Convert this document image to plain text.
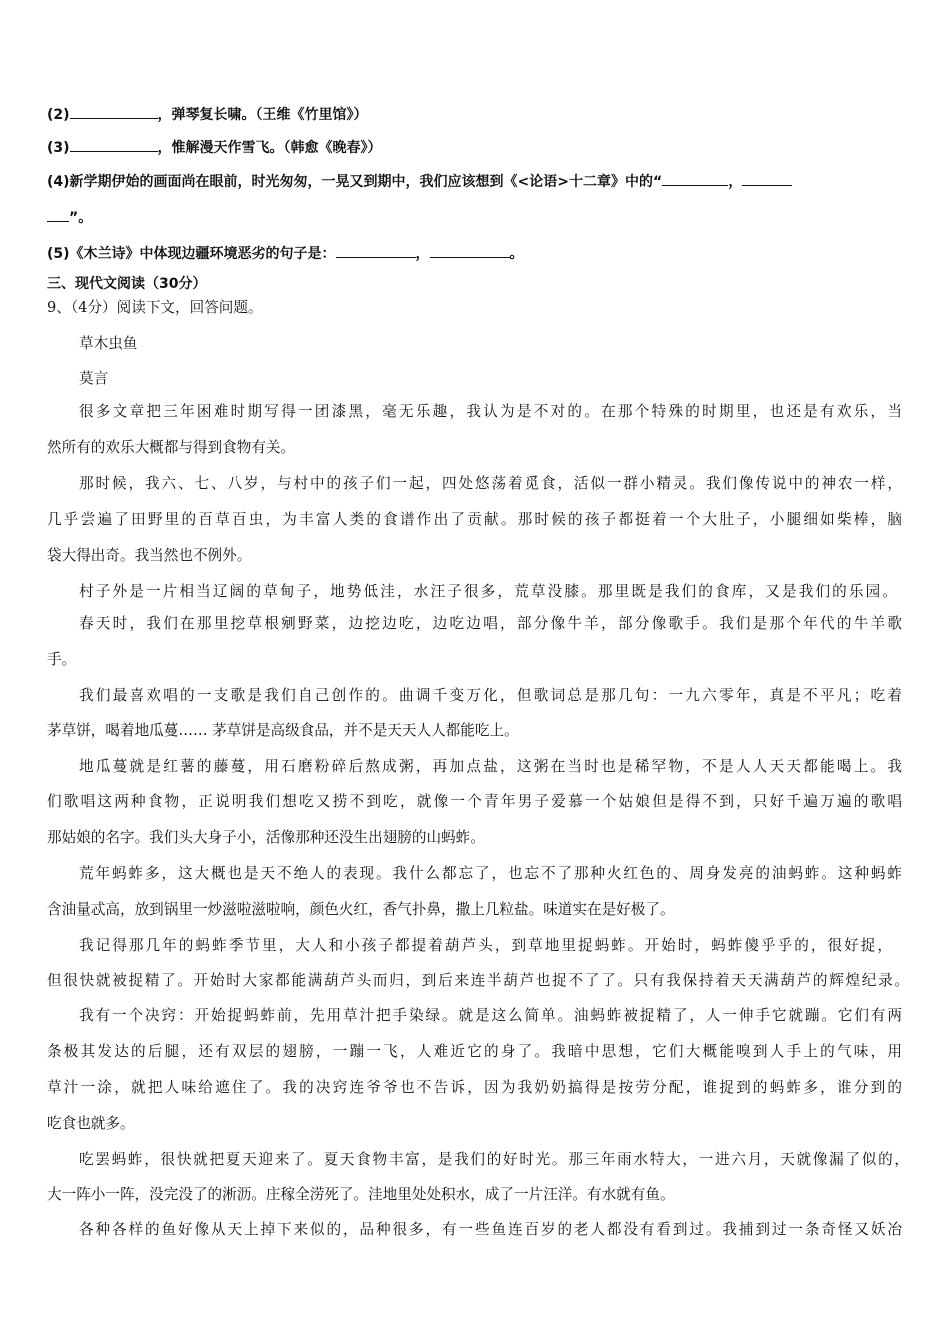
(2)	，弹琴复长啸。（王维《竹里馆》）
(3)	，惟解漫天作雪飞。（韩愈《晚春》）
(4)新学期伊始的画面尚在眼前，时光匆匆，一晃又到期中，我们应该想到《<论语>十二章》中的“	，
”。
(5)《木兰诗》中体现边疆环境恶劣的句子是：	，	。
三、现代文阅读（30分）
9、（4分）阅读下文，回答问题。
草木虫鱼
莫言
很多文章把三年困难时期写得一团漆黑，毫无乐趣，我认为是不对的。在那个特殊的时期里，也还是有欢乐，当
然所有的欢乐大概都与得到食物有关。
那时候，我六、七、八岁，与村中的孩子们一起，四处悠荡着觅食，活似一群小精灵。我们像传说中的神农一样，
几乎尝遍了田野里的百草百虫，为丰富人类的食谱作出了贡献。那时候的孩子都挺着一个大肚子，小腿细如柴棒，脑
袋大得出奇。我当然也不例外。
村子外是一片相当辽阔的草甸子，地势低洼，水汪子很多，荒草没膝。那里既是我们的食库，又是我们的乐园。
春天时，我们在那里挖草根剜野菜，边挖边吃，边吃边唱，部分像牛羊，部分像歌手。我们是那个年代的牛羊歌
手。
我们最喜欢唱的一支歌是我们自己创作的。曲调千变万化，但歌词总是那几句：一九六零年，真是不平凡；吃着
茅草饼，喝着地瓜蔓…… 茅草饼是高级食品，并不是天天人人都能吃上。
地瓜蔓就是红薯的藤蔓，用石磨粉碎后熬成粥，再加点盐，这粥在当时也是稀罕物，不是人人天天都能喝上。我
们歌唱这两种食物，正说明我们想吃又捞不到吃，就像一个青年男子爱慕一个姑娘但是得不到，只好千遍万遍的歌唱
那姑娘的名字。我们头大身子小，活像那种还没生出翅膀的山蚂蚱。
荒年蚂蚱多，这大概也是天不绝人的表现。我什么都忘了，也忘不了那种火红色的、周身发亮的油蚂蚱。这种蚂蚱
含油量忒高，放到锅里一炒滋啦滋啦响，颜色火红，香气扑鼻，撒上几粒盐。味道实在是好极了。
我记得那几年的蚂蚱季节里，大人和小孩子都提着葫芦头，到草地里捉蚂蚱。开始时，蚂蚱傻乎乎的，很好捉，
但很快就被捉精了。开始时大家都能满葫芦头而归，到后来连半葫芦也捉不了了。只有我保持着天天满葫芦的辉煌纪录。
我有一个决窍：开始捉蚂蚱前，先用草汁把手染绿。就是这么简单。油蚂蚱被捉精了，人一伸手它就蹦。它们有两
条极其发达的后腿，还有双层的翅膀，一蹦一飞，人难近它的身了。我暗中思想，它们大概能嗅到人手上的气味，用
草汁一涂，就把人味给遮住了。我的决窍连爷爷也不告诉，因为我奶奶搞得是按劳分配，谁捉到的蚂蚱多，谁分到的
吃食也就多。
吃罢蚂蚱，很快就把夏天迎来了。夏天食物丰富，是我们的好时光。那三年雨水特大，一进六月，天就像漏了似的，
大一阵小一阵，没完没了的淅沥。庄稼全涝死了。洼地里处处积水，成了一片汪洋。有水就有鱼。
各种各样的鱼好像从天上掉下来似的，品种很多，有一些鱼连百岁的老人都没有看到过。我捕到过一条奇怪又妖冶
